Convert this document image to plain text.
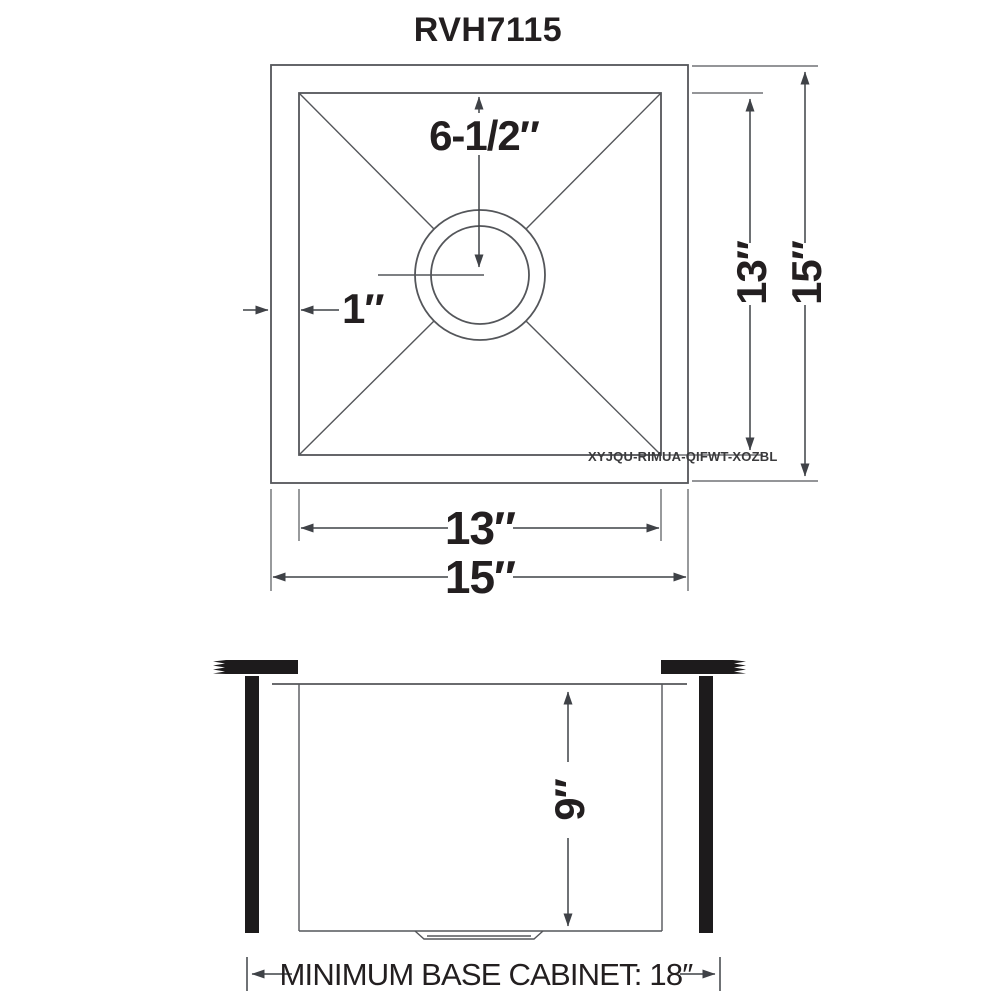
RVH7115
6-1/2″
1″
13″ 15″
13″
15″
XYJQU-RIMUA-QIFWT-XOZBL
9″
MINIMUM BASE CABINET: 18″
